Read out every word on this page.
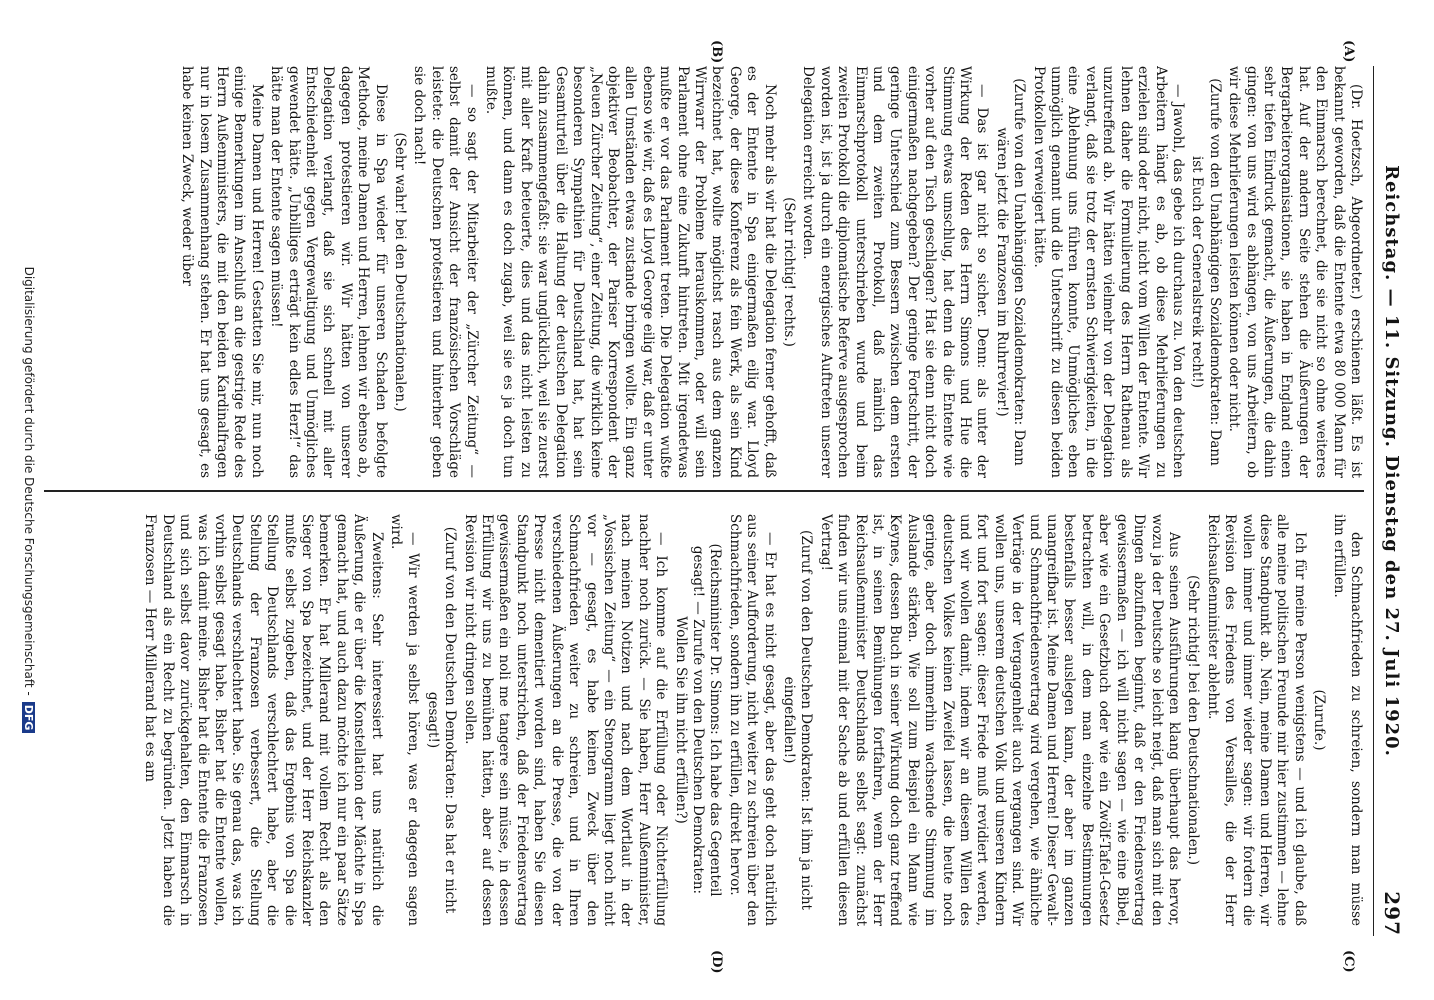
Reichstag. — 11. Sitzung. Dienstag den 27. Juli 1920.
297
(A)
(B)
(C)
(D)

(Dr. Hoetzsch, Abgeordneter.) erschienen läßt. Es ist bekannt geworden, daß die Entente etwa 80 000 Mann für den Einmarsch berechnet, die sie nicht so ohne weiteres hat. Auf der andern Seite stehen die Äußerungen der Bergarbeiterorganisationen, sie haben in England einen sehr tiefen Eindruck gemacht, die Äußerungen, die dahin gingen: von uns wird es abhängen, von uns Arbeitern, ob wir diese Mehrlieferungen leisten können oder nicht.

(Zurufe von den Unabhängigen Sozialdemokraten: Dann ist Euch der Generalstreik recht!)

— Jawohl, das gebe ich durchaus zu. Von den deutschen Arbeitern hängt es ab, ob diese Mehrlieferungen zu erzielen sind oder nicht, nicht vom Willen der Entente. Wir lehnen daher die Formulierung des Herrn Rathenau als unzutreffend ab. Wir hätten vielmehr von der Delegation verlangt, daß sie trotz der ernsten Schwierigkeiten, in die eine Ablehnung uns führen konnte, Unmögliches eben unmöglich genannt und die Unterschrift zu diesen beiden Protokollen verweigert hätte.

(Zurufe von den Unabhängigen Sozialdemokraten: Dann wären jetzt die Franzosen im Ruhrrevier!)

— Das ist gar nicht so sicher. Denn: als unter der Wirkung der Reden des Herrn Simons und Hue die Stimmung etwas umschlug, hat denn da die Entente wie vorher auf den Tisch geschlagen? Hat sie denn nicht doch einigermaßen nachgegeben? Der geringe Fortschritt, der geringe Unterschied zum Bessern zwischen dem ersten und dem zweiten Protokoll, daß nämlich das Einmarschprotokoll unterschrieben wurde und beim zweiten Protokoll die diplomatische Referve ausgesprochen worden ist, ist ja durch ein energisches Auftreten unserer Delegation erreicht worden.

(Sehr richtig! rechts.)

Noch mehr als wir hat die Delegation ferner gehofft, daß es der Entente in Spa einigermaßen eilig war. Lloyd George, der diese Konferenz als fein Werk, als sein Kind bezeichnet hat, wollte möglichst rasch aus dem ganzen Wirrwarr der Probleme herauskommen, oder will sein Parlament ohne eine Zukunft hintreten. Mit irgendetwas mußte er vor das Parlament treten. Die Delegation wußte ebenso wie wir, daß es Lloyd George eilig war, daß er unter allen Umständen etwas zustande bringen wollte. Ein ganz objektiver Beobachter, der Pariser Korrespondent der „Neuen Zürcher Zeitung“, einer Zeitung, die wirklich keine besonderen Sympathien für Deutschland hat, hat sein Gesamturteil über die Haltung der deutschen Delegation dahin zusammengefaßt: sie war unglücklich, weil sie zuerst mit aller Kraft beteuerte, dies und das nicht leisten zu können, und dann es doch zugab, weil sie es ja doch tun mußte.

— so sagt der Mitarbeiter der „Zürcher Zeitung“ — selbst damit der Ansicht der französischen Vorschläge leistete: die Deutschen protestieren und hinterher geben sie doch nach!

(Sehr wahr! bei den Deutschnationalen.)

Diese in Spa wieder für unseren Schaden befolgte Methode, meine Damen und Herren, lehnen wir ebenso ab, dagegen protestieren wir. Wir hätten von unserer Delegation verlangt, daß sie sich schnell mit aller Entschiedenheit gegen Vergewaltigung und Unmögliches gewendet hätte. „Unbilliges erträgt kein edles Herz!“ das hätte man der Entente sagen müssen!

Meine Damen und Herren! Gestatten Sie mir, nun noch einige Bemerkungen im Anschluß an die gestrige Rede des Herrn Außenministers, die mit den beiden Kardinalfragen nur in losem Zusammenhang stehen. Er hat uns gesagt, es habe keinen Zweck, weder über

den Schmachfrieden zu schreien, sondern man müsse ihn erfüllen.

(Zurufe.)

Ich für meine Person wenigstens — und ich glaube, daß alle meine politischen Freunde mir hier zustimmen — lehne diese Standpunkt ab. Nein, meine Damen und Herren, wir wollen immer und immer wieder sagen: wir fordern die Revision des Friedens von Versailles, die der Herr Reichsaußenminister ablehnt.

(Sehr richtig! bei den Deutschnationalen.)

Aus seinen Ausführungen klang überhaupt das hervor, wozu ja der Deutsche so leicht neigt, daß man sich mit den Dingen abzufinden beginnt, daß er den Friedensvertrag gewissermaßen — ich will nicht sagen — wie eine Bibel, aber wie ein Gesetzbuch oder wie ein Zwölf-Tafel-Gesetz betrachten will, in dem man einzelne Bestimmungen bestenfalls besser auslegen kann, der aber im ganzen unangreifbar ist. Meine Damen und Herren! Dieser Gewalt- und Schmachfriedensvertrag wird vergehen, wie ähnliche Verträge in der Vergangenheit auch vergangen sind. Wir wollen uns, unserem deutschen Volk und unseren Kindern fort und fort sagen: dieser Friede muß revidiert werden, und wir wollen damit, indem wir an diesem Willen des deutschen Volkes keinen Zweifel lassen, die heute noch geringe, aber doch immerhin wachsende Stimmung im Auslande stärken. Wie soll zum Beispiel ein Mann wie Keynes, dessen Buch in seiner Wirkung doch ganz treffend ist, in seinen Bemühungen fortfahren, wenn der Herr Reichsaußenminister Deutschlands selbst sagt: zunächst finden wir uns einmal mit der Sache ab und erfüllen diesen Vertrag!

(Zuruf von den Deutschen Demokraten: Ist ihm ja nicht eingefallen!)

— Er hat es nicht gesagt, aber das geht doch natürlich aus seiner Aufforderung, nicht weiter zu schreien über den Schmachfrieden, sondern ihn zu erfüllen, direkt hervor.

(Reichsminister Dr. Simons: Ich habe das Gegenteil gesagt! — Zurufe von den Deutschen Demokraten: Wollen Sie ihn nicht erfüllen?)

— Ich komme auf die Erfüllung oder Nichterfüllung nachher noch zurück. — Sie haben, Herr Außenminister, nach meinen Notizen und nach dem Wortlaut in der „Vossischen Zeitung“ — ein Stenogramm liegt noch nicht vor — gesagt, es habe keinen Zweck über den Schmachfrieden weiter zu schreien, und in Ihren verschiedenen Äußerungen an die Presse, die von der Presse nicht dementiert worden sind, haben Sie diesen Standpunkt noch unterstrichen, daß der Friedensvertrag gewissermaßen ein noli me tangere sein müsse, in dessen Erfüllung wir uns zu bemühen hätten, aber auf dessen Revision wir nicht dringen sollen.

(Zuruf von den Deutschen Demokraten: Das hat er nicht gesagt!)

— Wir werden ja selbst hören, was er dagegen sagen wird.

Zweitens: Sehr interessiert hat uns natürlich die Äußerung, die er über die Konstellation der Mächte in Spa gemacht hat, und auch dazu möchte ich nur ein paar Sätze bemerken. Er hat Millerand mit vollem Recht als den Sieger von Spa bezeichnet, und der Herr Reichskanzler mußte selbst zugeben, daß das Ergebnis von Spa die Stellung Deutschlands verschlechtert habe, aber die Stellung der Franzosen verbessert, die Stellung Deutschlands verschlechtert habe. Sie genau das, was ich vorhin selbst gesagt habe. Bisher hat die Entente wollen, was ich damit meine. Bisher hat die Entente die Franzosen und sich selbst davor zurückgehalten, den Einmarsch in Deutschland als ein Recht zu begründen. Jetzt haben die Franzosen — Herr Millerand hat es am

Digitalisierung gefördert durch die Deutsche Forschungsgemeinschaft -DFG
